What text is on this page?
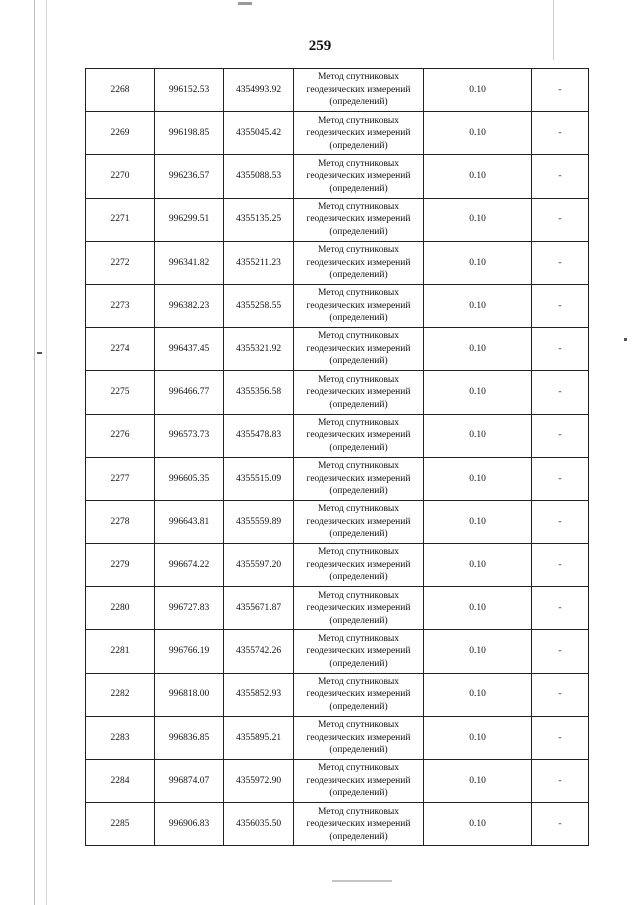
259
2268	996152.53	4354993.92	Метод спутниковых
геодезических измерений
(определений)	0.10	-
2269	996198.85	4355045.42	Метод спутниковых
геодезических измерений
(определений)	0.10	-
2270	996236.57	4355088.53	Метод спутниковых
геодезических измерений
(определений)	0.10	-
2271	996299.51	4355135.25	Метод спутниковых
геодезических измерений
(определений)	0.10	-
2272	996341.82	4355211.23	Метод спутниковых
геодезических измерений
(определений)	0.10	-
2273	996382.23	4355258.55	Метод спутниковых
геодезических измерений
(определений)	0.10	-
2274	996437.45	4355321.92	Метод спутниковых
геодезических измерений
(определений)	0.10	-
2275	996466.77	4355356.58	Метод спутниковых
геодезических измерений
(определений)	0.10	-
2276	996573.73	4355478.83	Метод спутниковых
геодезических измерений
(определений)	0.10	-
2277	996605.35	4355515.09	Метод спутниковых
геодезических измерений
(определений)	0.10	-
2278	996643.81	4355559.89	Метод спутниковых
геодезических измерений
(определений)	0.10	-
2279	996674.22	4355597.20	Метод спутниковых
геодезических измерений
(определений)	0.10	-
2280	996727.83	4355671.87	Метод спутниковых
геодезических измерений
(определений)	0.10	-
2281	996766.19	4355742.26	Метод спутниковых
геодезических измерений
(определений)	0.10	-
2282	996818.00	4355852.93	Метод спутниковых
геодезических измерений
(определений)	0.10	-
2283	996836.85	4355895.21	Метод спутниковых
геодезических измерений
(определений)	0.10	-
2284	996874.07	4355972.90	Метод спутниковых
геодезических измерений
(определений)	0.10	-
2285	996906.83	4356035.50	Метод спутниковых
геодезических измерений
(определений)	0.10	-
